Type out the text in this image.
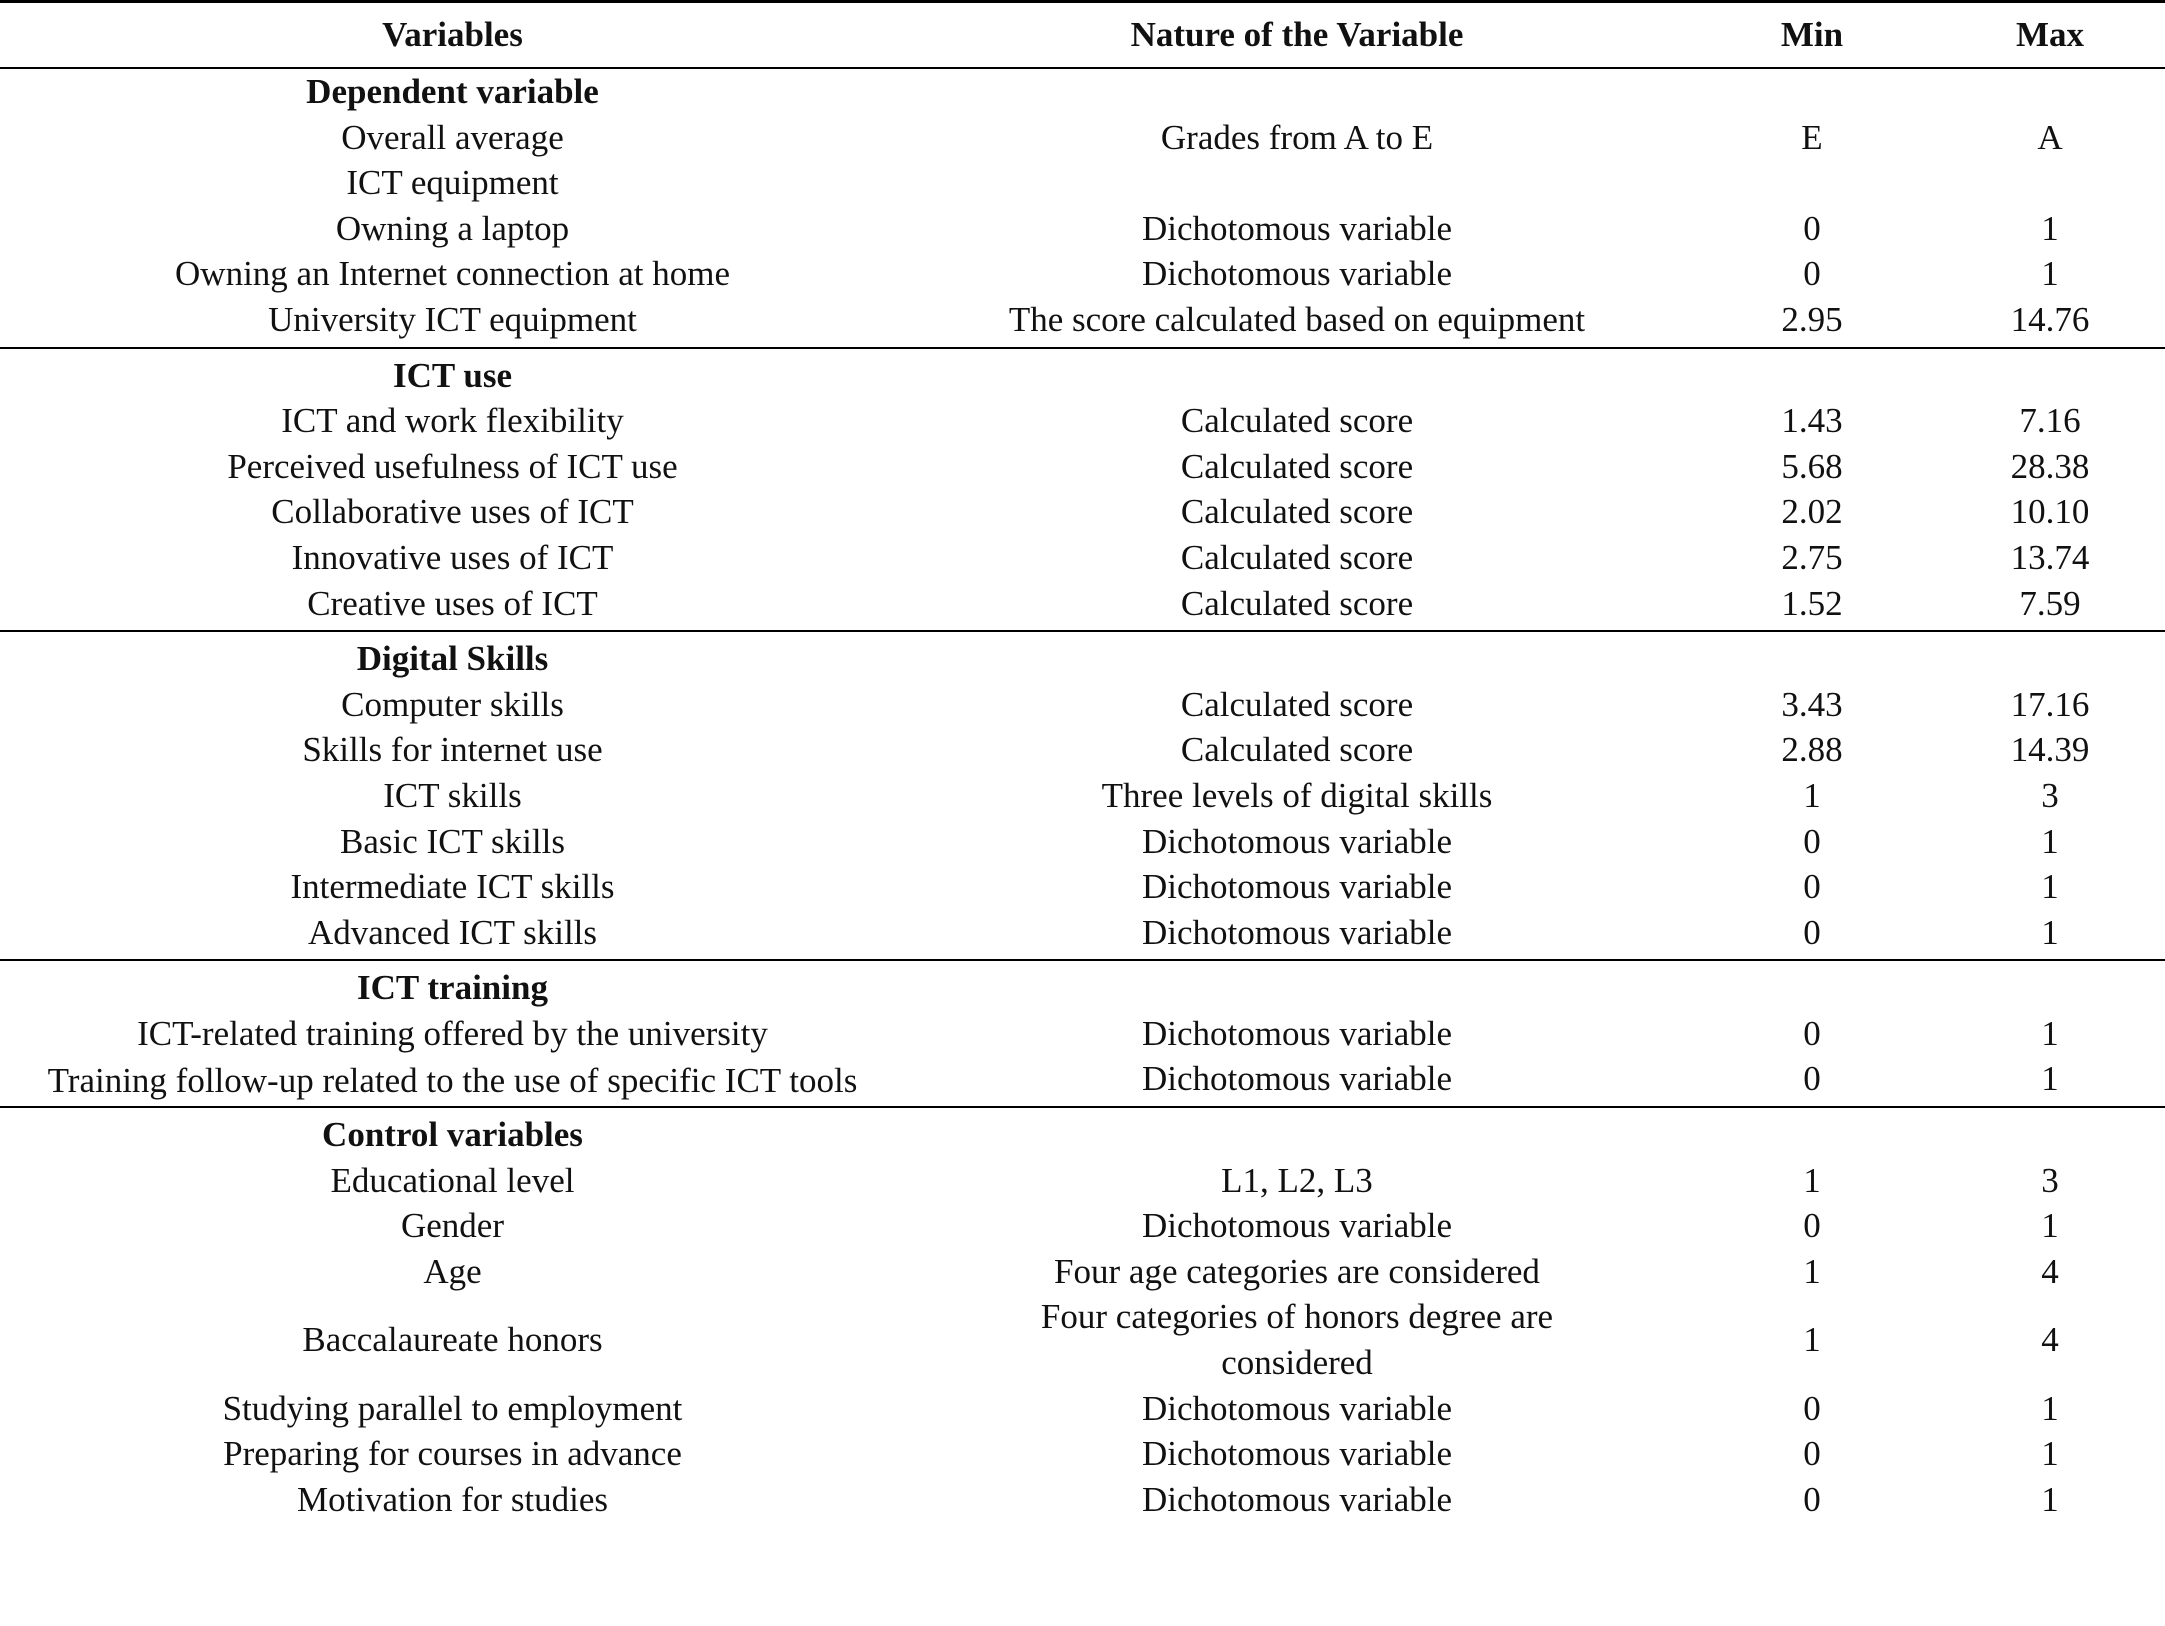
Variables	Nature of the Variable	Min	Max
Dependent variable			
Overall average	Grades from A to E	E	A
ICT equipment			
Owning a laptop	Dichotomous variable	0	1
Owning an Internet connection at home	Dichotomous variable	0	1
University ICT equipment	The score calculated based on equipment	2.95	14.76
ICT use			
ICT and work flexibility	Calculated score	1.43	7.16
Perceived usefulness of ICT use	Calculated score	5.68	28.38
Collaborative uses of ICT	Calculated score	2.02	10.10
Innovative uses of ICT	Calculated score	2.75	13.74
Creative uses of ICT	Calculated score	1.52	7.59
Digital Skills			
Computer skills	Calculated score	3.43	17.16
Skills for internet use	Calculated score	2.88	14.39
ICT skills	Three levels of digital skills	1	3
Basic ICT skills	Dichotomous variable	0	1
Intermediate ICT skills	Dichotomous variable	0	1
Advanced ICT skills	Dichotomous variable	0	1
ICT training			
ICT-related training offered by the university	Dichotomous variable	0	1
Training follow-up related to the use of specific ICT tools	Dichotomous variable	0	1
Control variables			
Educational level	L1, L2, L3	1	3
Gender	Dichotomous variable	0	1
Age	Four age categories are considered	1	4
Baccalaureate honors	Four categories of honors degree are considered	1	4
Studying parallel to employment	Dichotomous variable	0	1
Preparing for courses in advance	Dichotomous variable	0	1
Motivation for studies	Dichotomous variable	0	1
